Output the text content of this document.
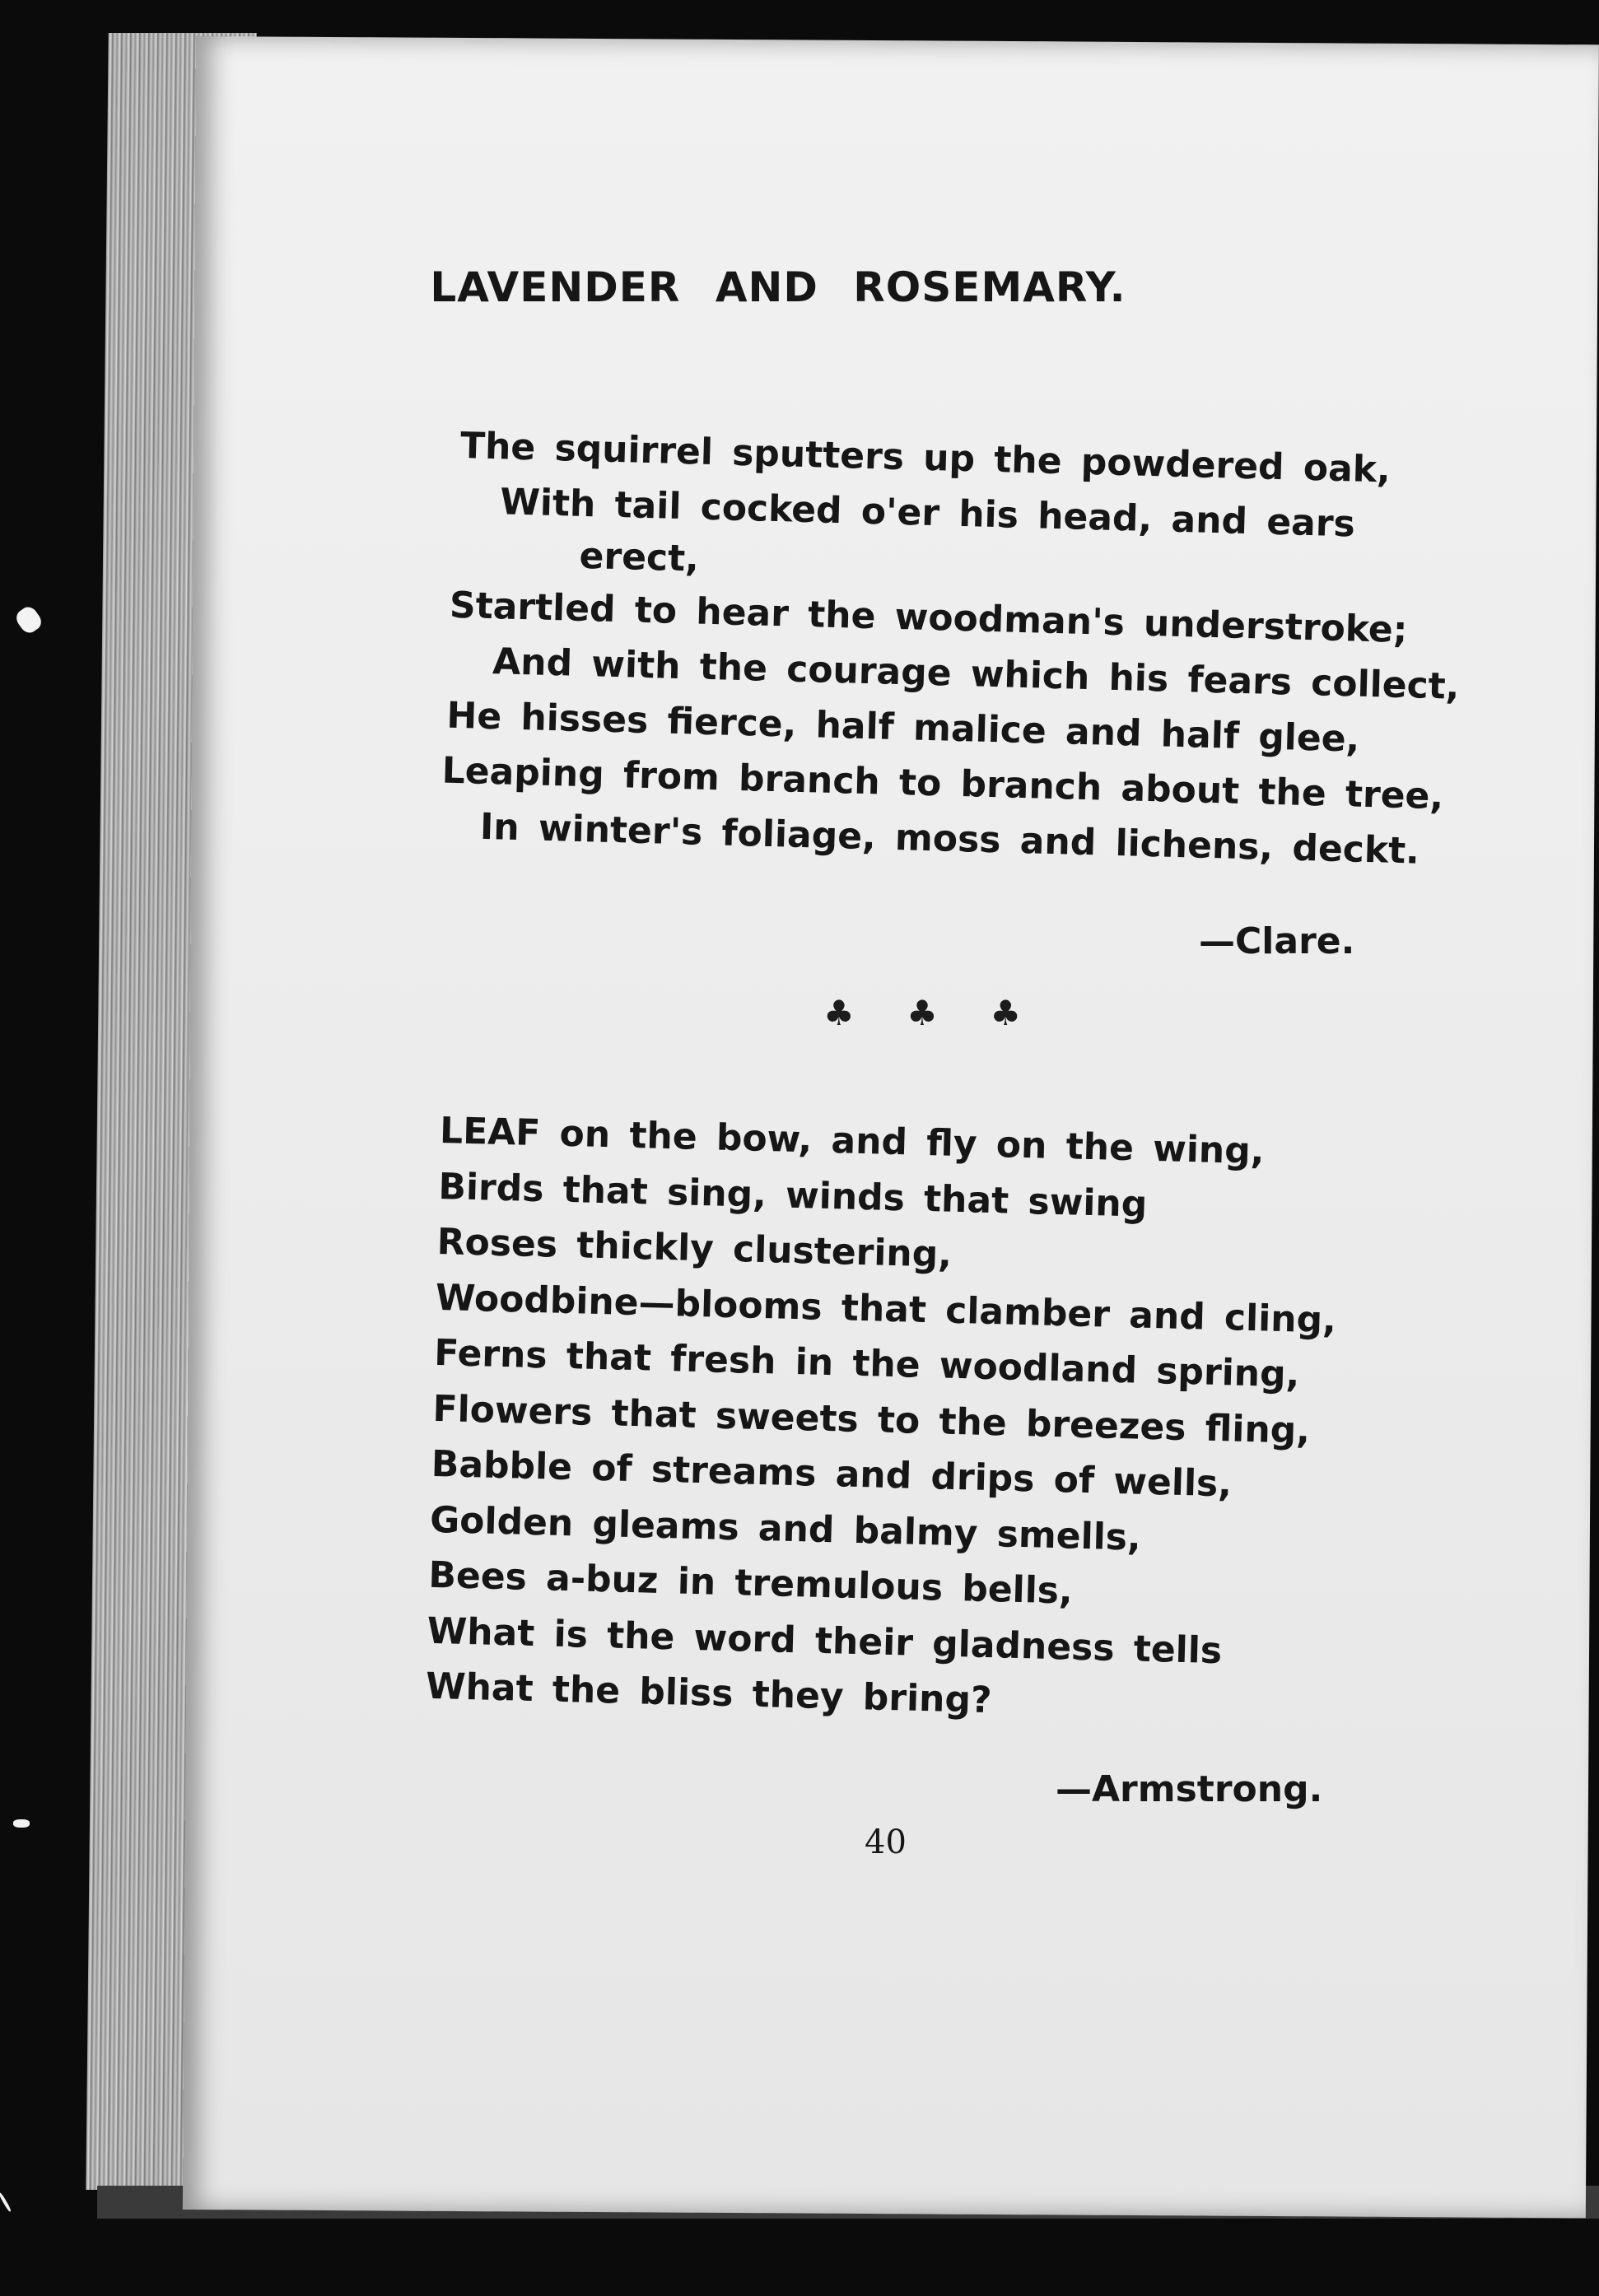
LAVENDER AND ROSEMARY.
The squirrel sputters up the powdered oak,
With tail cocked o'er his head, and ears
erect,
Startled to hear the woodman's understroke;
And with the courage which his fears collect,
He hisses fierce, half malice and half glee,
Leaping from branch to branch about the tree,
In winter's foliage, moss and lichens, deckt.
—Clare.
♣ ♣ ♣
LEAF on the bow, and fly on the wing,
Birds that sing, winds that swing
Roses thickly clustering,
Woodbine—blooms that clamber and cling,
Ferns that fresh in the woodland spring,
Flowers that sweets to the breezes fling,
Babble of streams and drips of wells,
Golden gleams and balmy smells,
Bees a-buz in tremulous bells,
What is the word their gladness tells
What the bliss they bring?
—Armstrong.
40
